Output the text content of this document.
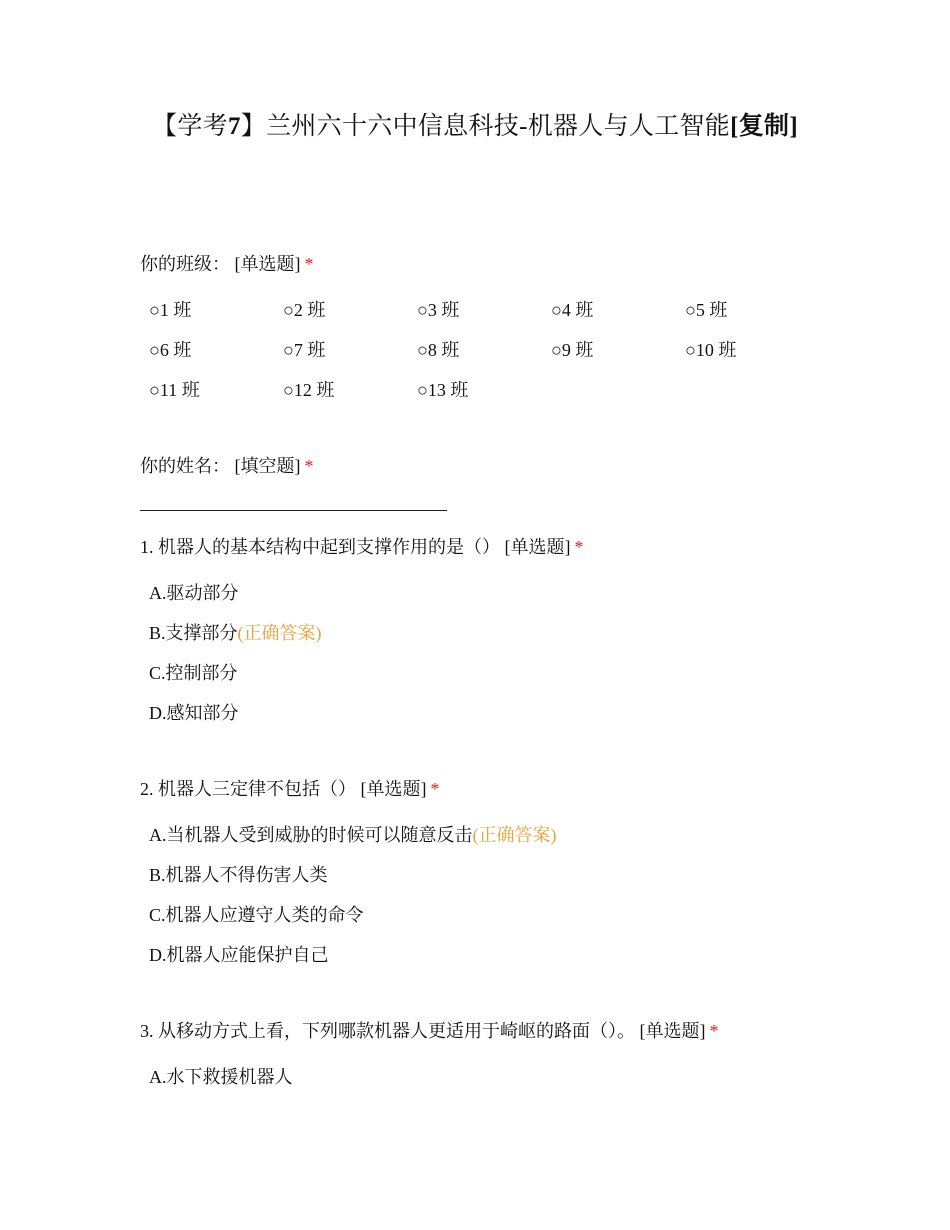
【学考7】兰州六十六中信息科技-机器人与人工智能[复制]
你的班级： [单选题] *
○1 班	○2 班	○3 班	○4 班	○5 班
○6 班	○7 班	○8 班	○9 班	○10 班
○11 班	○12 班	○13 班
你的姓名： [填空题] *
1. 机器人的基本结构中起到支撑作用的是（） [单选题] *
A.驱动部分
B.支撑部分(正确答案)
C.控制部分
D.感知部分
2. 机器人三定律不包括（） [单选题] *
A.当机器人受到威胁的时候可以随意反击(正确答案)
B.机器人不得伤害人类
C.机器人应遵守人类的命令
D.机器人应能保护自己
3. 从移动方式上看，下列哪款机器人更适用于崎岖的路面（）。 [单选题] *
A.水下救援机器人
